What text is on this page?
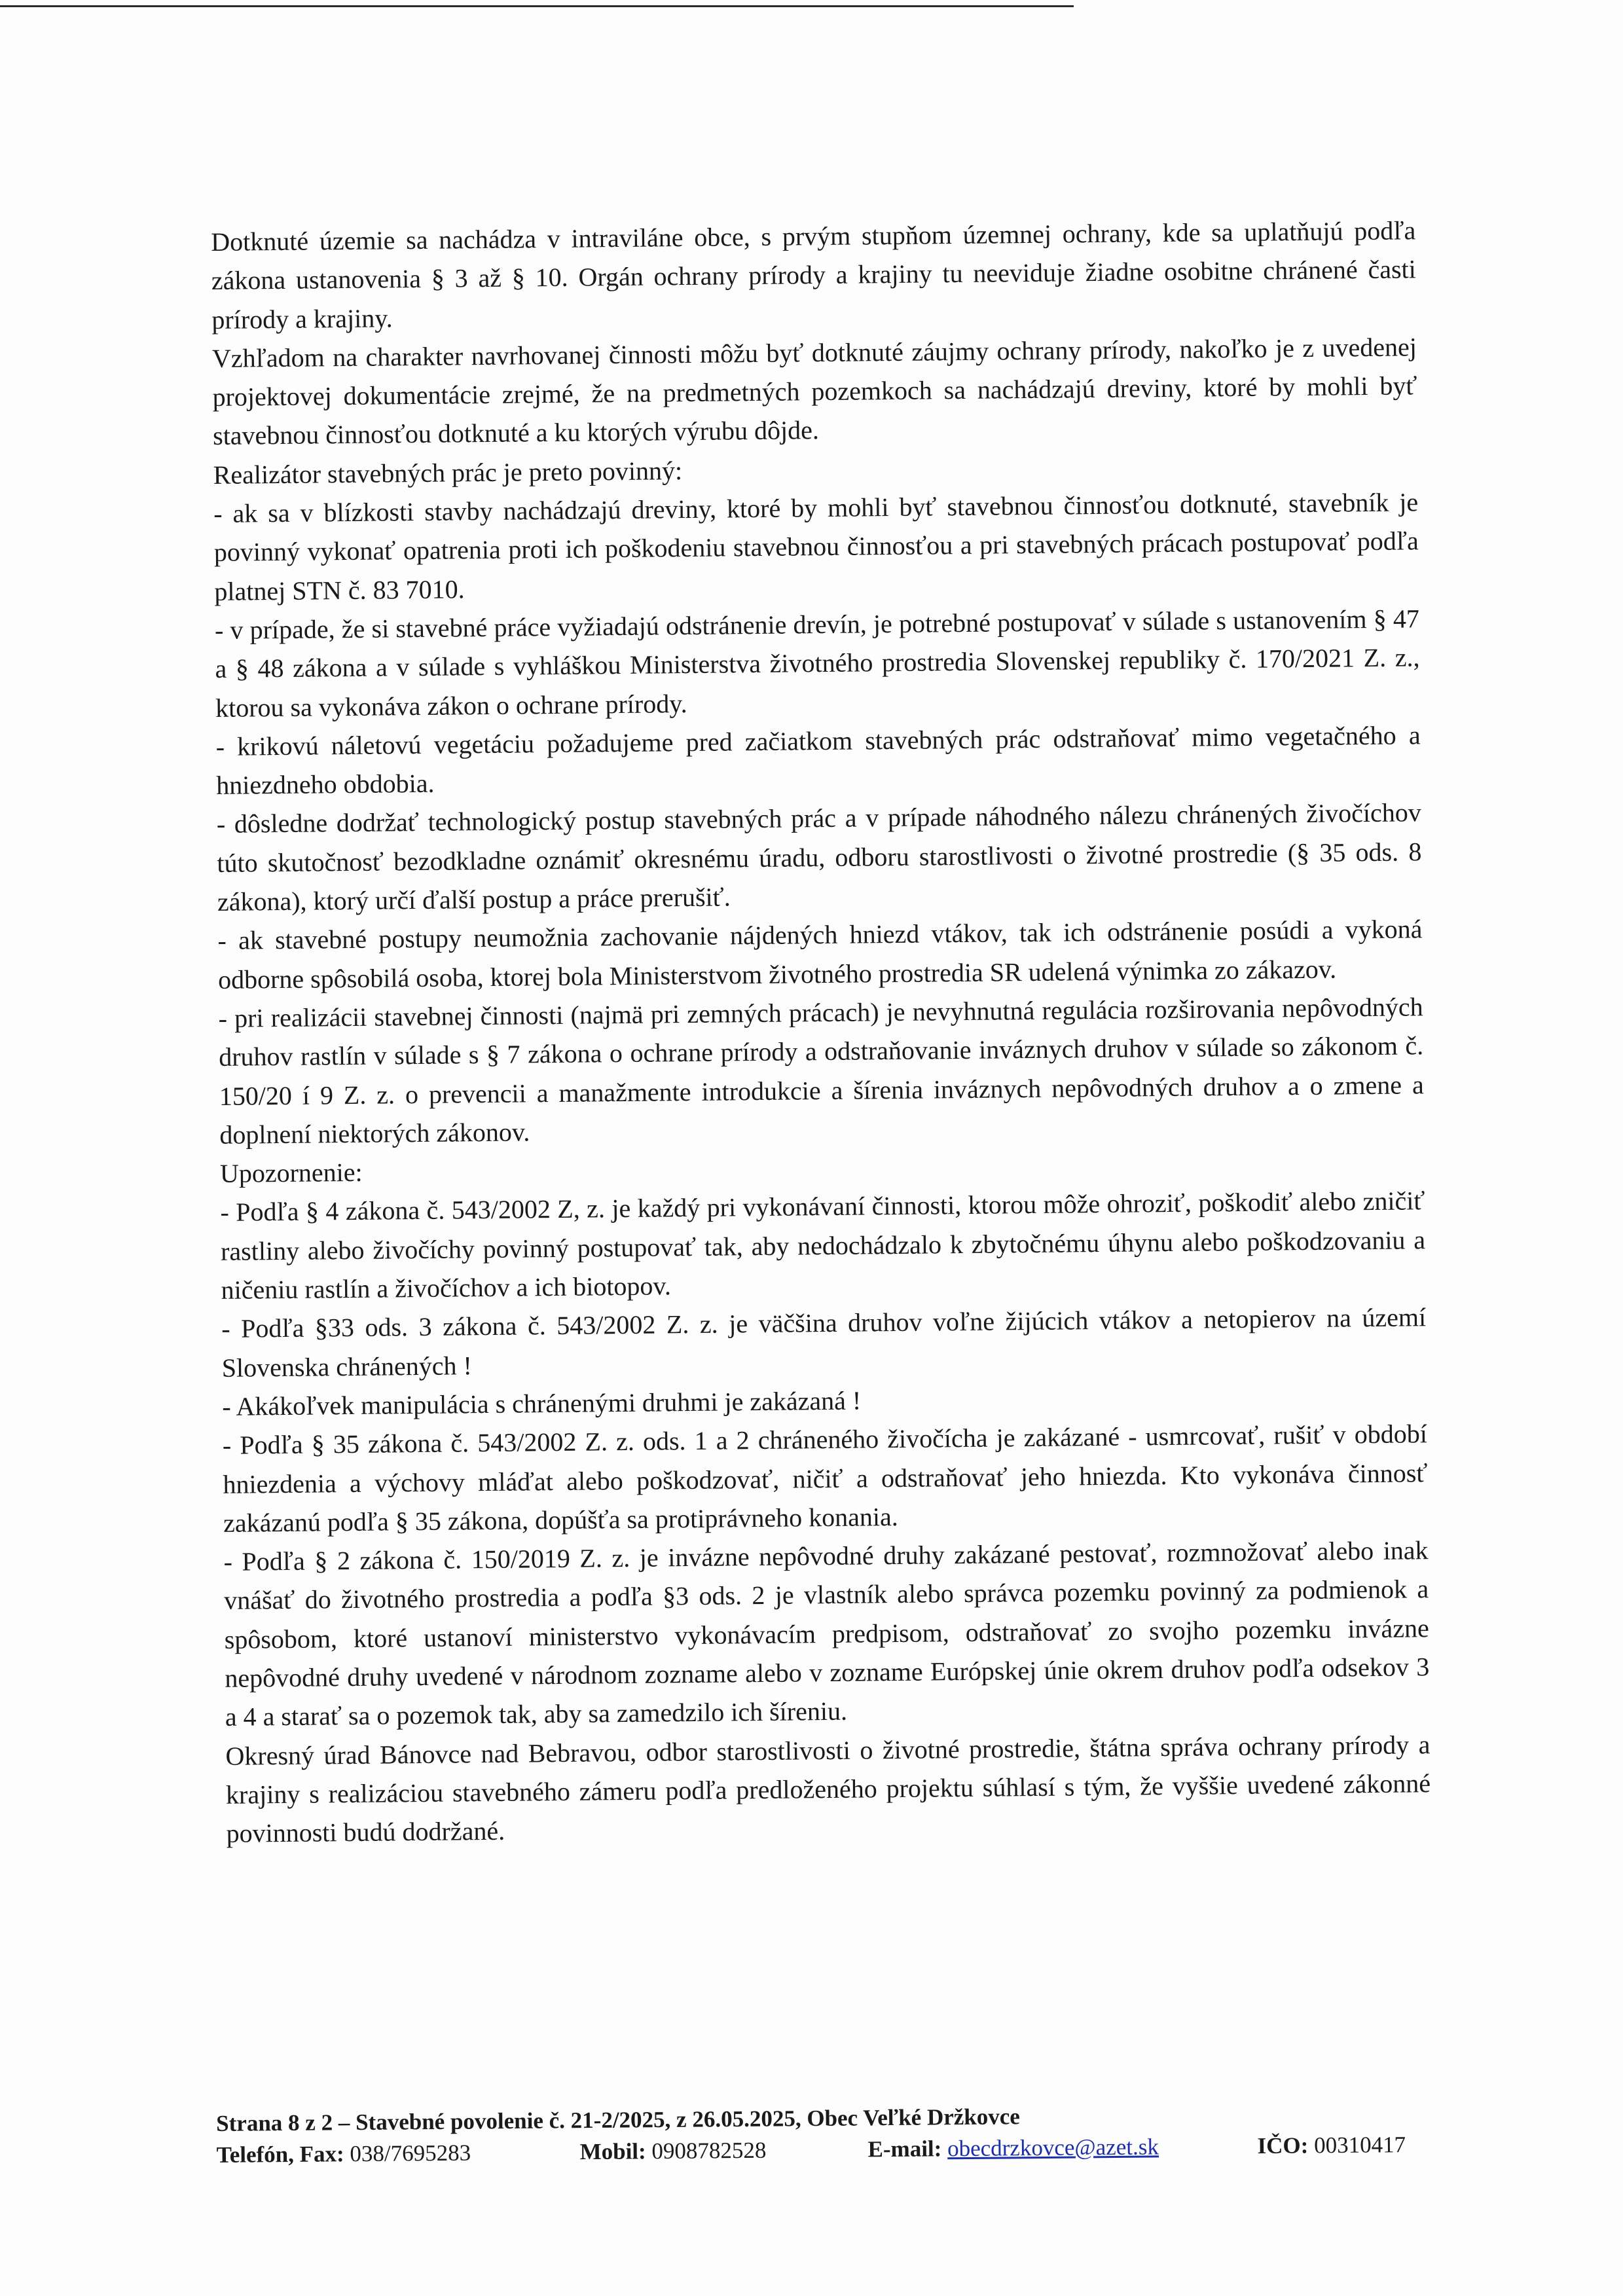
Dotknuté územie sa nachádza v intraviláne obce, s prvým stupňom územnej ochrany, kde sa uplatňujú podľa zákona ustanovenia § 3 až § 10. Orgán ochrany prírody a krajiny tu neeviduje žiadne osobitne chránené časti prírody a krajiny.

Vzhľadom na charakter navrhovanej činnosti môžu byť dotknuté záujmy ochrany prírody, nakoľko je z uvedenej projektovej dokumentácie zrejmé, že na predmetných pozemkoch sa nachádzajú dreviny, ktoré by mohli byť stavebnou činnosťou dotknuté a ku ktorých výrubu dôjde.

Realizátor stavebných prác je preto povinný:

- ak sa v blízkosti stavby nachádzajú dreviny, ktoré by mohli byť stavebnou činnosťou dotknuté, stavebník je povinný vykonať opatrenia proti ich poškodeniu stavebnou činnosťou a pri stavebných prácach postupovať podľa platnej STN č. 83 7010.

- v prípade, že si stavebné práce vyžiadajú odstránenie drevín, je potrebné postupovať v súlade s ustanovením § 47 a § 48 zákona a v súlade s vyhláškou Ministerstva životného prostredia Slovenskej republiky č. 170/2021 Z. z., ktorou sa vykonáva zákon o ochrane prírody.

- krikovú náletovú vegetáciu požadujeme pred začiatkom stavebných prác odstraňovať mimo vegetačného a hniezdneho obdobia.

- dôsledne dodržať technologický postup stavebných prác a v prípade náhodného nálezu chránených živočíchov túto skutočnosť bezodkladne oznámiť okresnému úradu, odboru starostlivosti o životné prostredie (§ 35 ods. 8 zákona), ktorý určí ďalší postup a práce prerušiť.

- ak stavebné postupy neumožnia zachovanie nájdených hniezd vtákov, tak ich odstránenie posúdi a vykoná odborne spôsobilá osoba, ktorej bola Ministerstvom životného prostredia SR udelená výnimka zo zákazov.

- pri realizácii stavebnej činnosti (najmä pri zemných prácach) je nevyhnutná regulácia rozširovania nepôvodných druhov rastlín v súlade s § 7 zákona o ochrane prírody a odstraňovanie inváznych druhov v súlade so zákonom č. 150/20 í 9 Z. z. o prevencii a manažmente introdukcie a šírenia inváznych nepôvodných druhov a o zmene a doplnení niektorých zákonov.

Upozornenie:

- Podľa § 4 zákona č. 543/2002 Z, z. je každý pri vykonávaní činnosti, ktorou môže ohroziť, poškodiť alebo zničiť rastliny alebo živočíchy povinný postupovať tak, aby nedochádzalo k zbytočnému úhynu alebo poškodzovaniu a ničeniu rastlín a živočíchov a ich biotopov.

- Podľa §33 ods. 3 zákona č. 543/2002 Z. z. je väčšina druhov voľne žijúcich vtákov a netopierov na území Slovenska chránených !

- Akákoľvek manipulácia s chránenými druhmi je zakázaná !

- Podľa § 35 zákona č. 543/2002 Z. z. ods. 1 a 2 chráneného živočícha je zakázané - usmrcovať, rušiť v období hniezdenia a výchovy mláďat alebo poškodzovať, ničiť a odstraňovať jeho hniezda. Kto vykonáva činnosť zakázanú podľa § 35 zákona, dopúšťa sa protiprávneho konania.

- Podľa § 2 zákona č. 150/2019 Z. z. je invázne nepôvodné druhy zakázané pestovať, rozmnožovať alebo inak vnášať do životného prostredia a podľa §3 ods. 2 je vlastník alebo správca pozemku povinný za podmienok a spôsobom, ktoré ustanoví ministerstvo vykonávacím predpisom, odstraňovať zo svojho pozemku invázne nepôvodné druhy uvedené v národnom zozname alebo v zozname Európskej únie okrem druhov podľa odsekov 3 a 4 a starať sa o pozemok tak, aby sa zamedzilo ich šíreniu.

Okresný úrad Bánovce nad Bebravou, odbor starostlivosti o životné prostredie, štátna správa ochrany prírody a krajiny s realizáciou stavebného zámeru podľa predloženého projektu súhlasí s tým, že vyššie uvedené zákonné povinnosti budú dodržané.

Strana 8 z 2 – Stavebné povolenie č. 21-2/2025, z 26.05.2025, Obec Veľké Držkovce
Telefón, Fax: 038/7695283	Mobil: 0908782528	E-mail: obecdrzkovce@azet.sk	IČO: 00310417
